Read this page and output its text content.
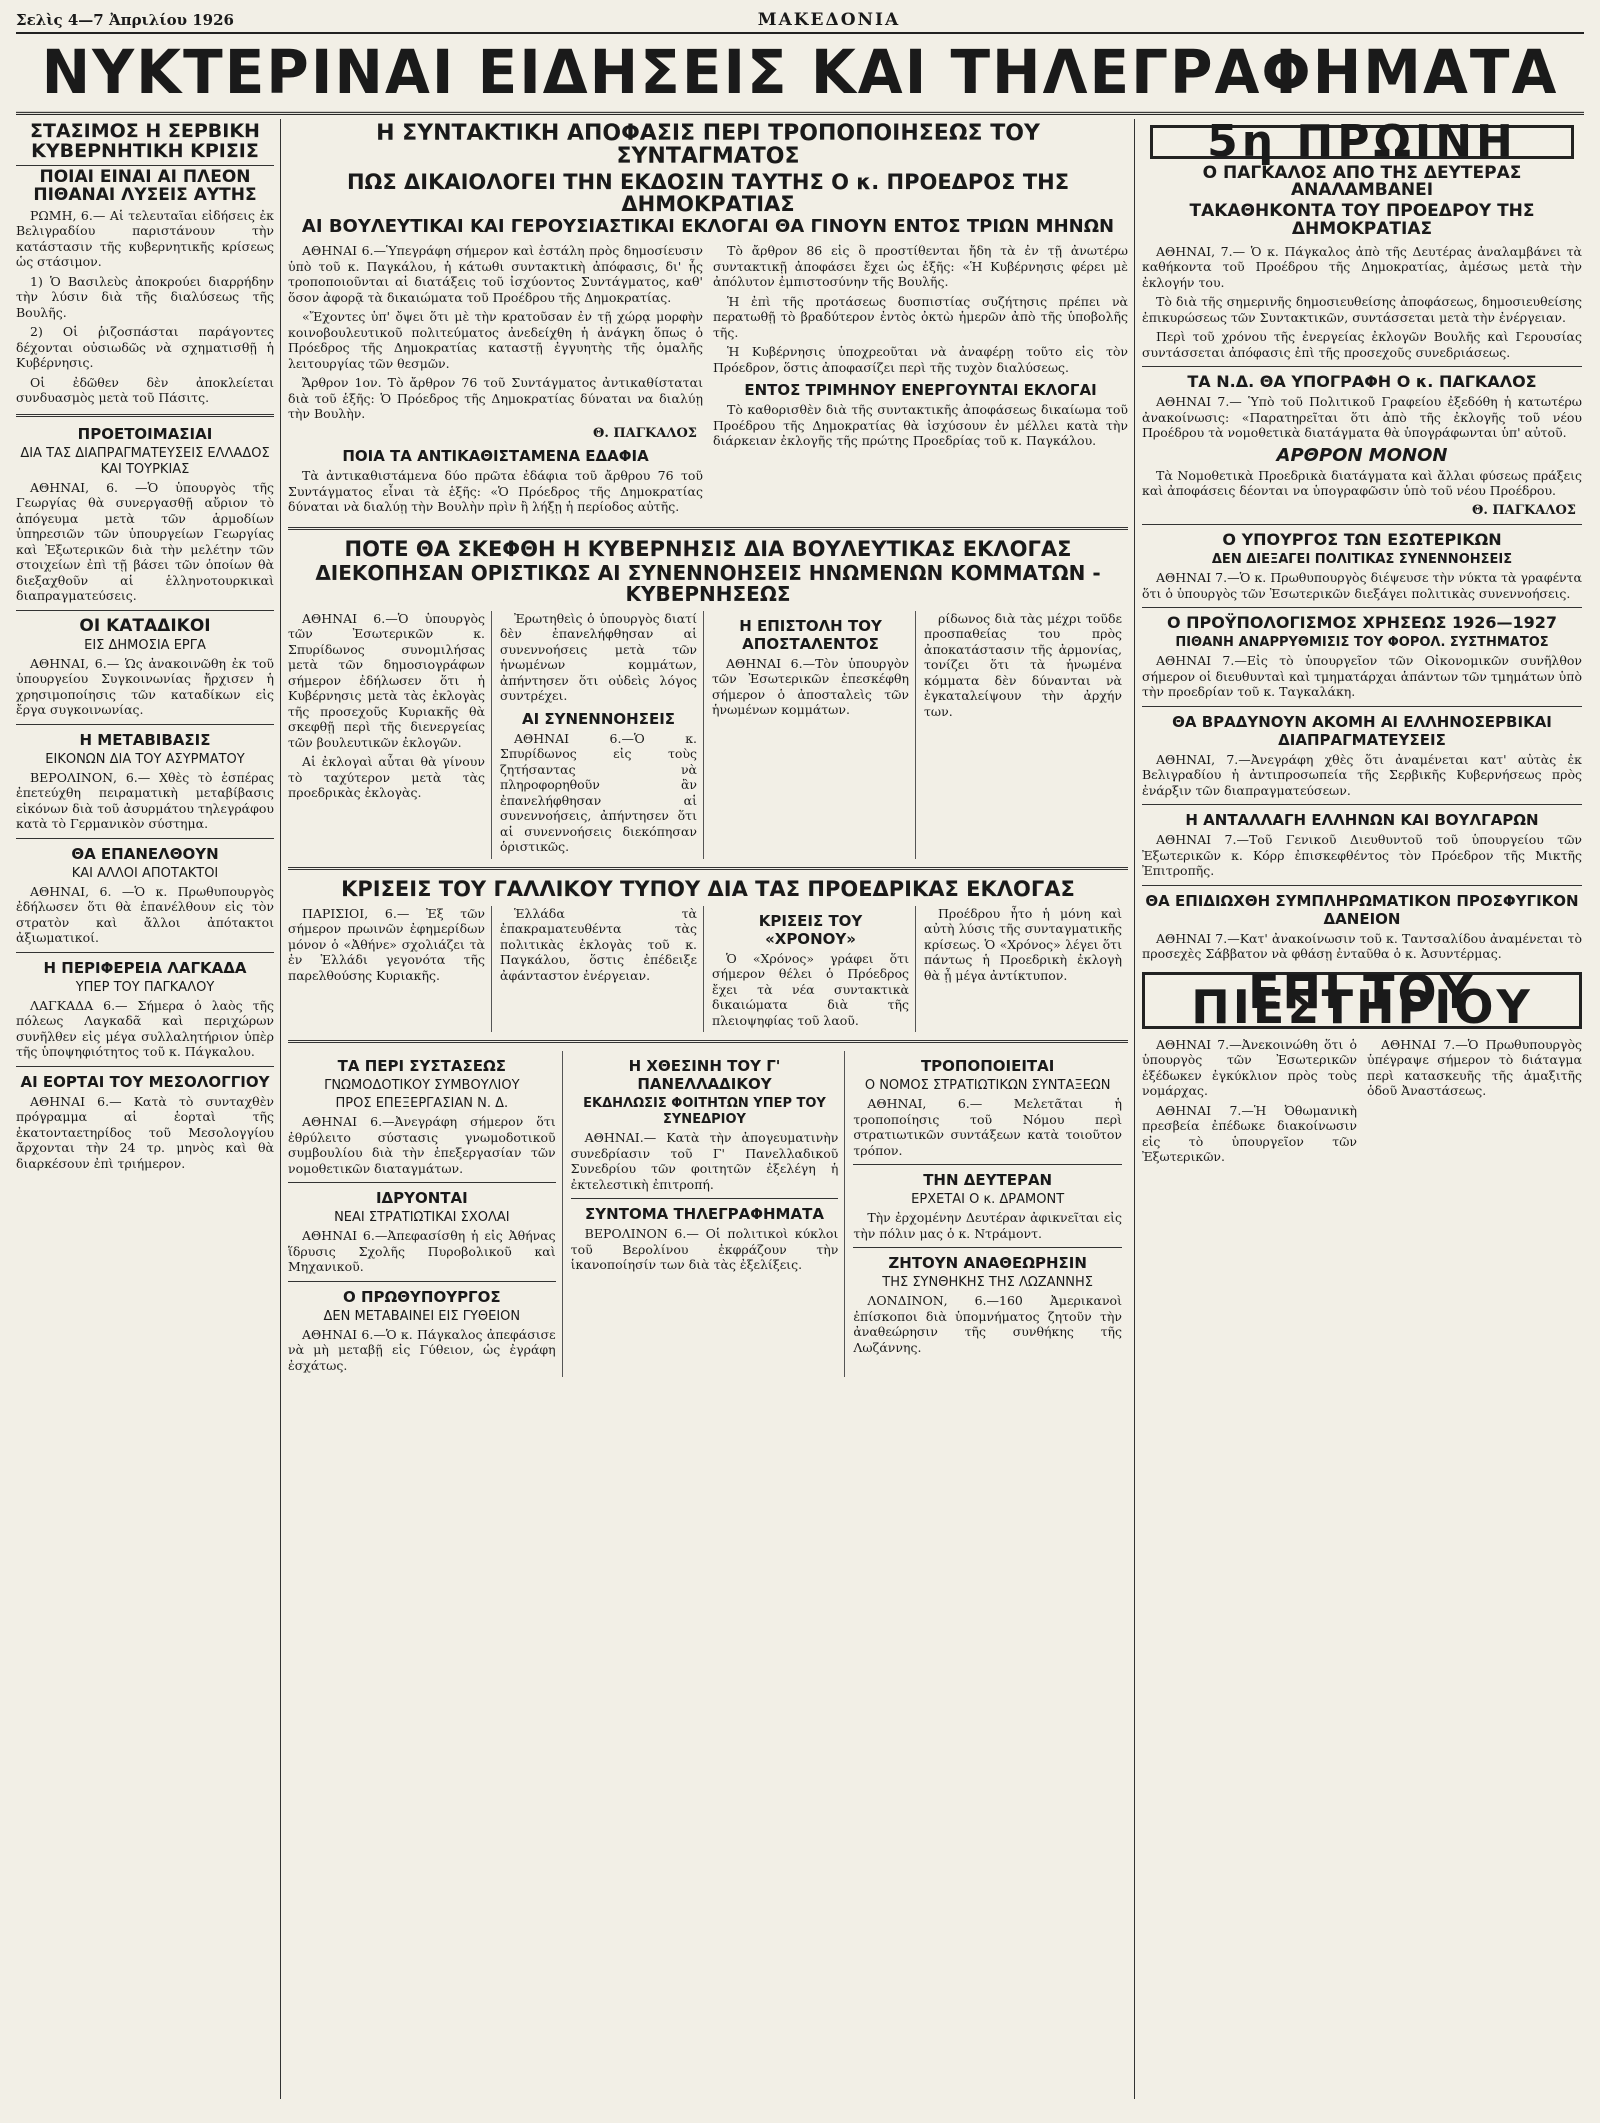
Σελὶς 4—7 Ἀπριλίου 1926	ΜΑΚΕΔΟΝΙΑ
ΝΥΚΤΕΡΙΝΑΙ ΕΙΔΗΣΕΙΣ ΚΑΙ ΤΗΛΕΓΡΑΦΗΜΑΤΑ
ΣΤΑΣΙΜΟΣ Η ΣΕΡΒΙΚΗ ΚΥΒΕΡΝΗΤΙΚΗ ΚΡΙΣΙΣ
ΠΟΙΑΙ ΕΙΝΑΙ ΑΙ ΠΛΕΟΝ ΠΙΘΑΝΑΙ ΛΥΣΕΙΣ ΑΥΤΗΣ

ΡΩΜΗ, 6.— Αἱ τελευταῖαι εἰδήσεις ἐκ Βελιγραδίου παριστάνουν τὴν κατάστασιν τῆς κυβερνητικῆς κρίσεως ὡς στάσιμον.

1) Ὁ Βασιλεὺς ἀποκρούει διαρρήδην τὴν λύσιν διὰ τῆς διαλύσεως τῆς Βουλῆς.

2) Οἱ ῥιζοσπάσται παράγοντες δέχονται οὐσιωδῶς νὰ σχηματισθῇ ἡ Κυβέρνησις.

Οἱ ἐδῶθεν δὲν ἀποκλείεται συνδυασμὸς μετὰ τοῦ Πάσιτς.

ΠΡΟΕΤΟΙΜΑΣΙΑΙ
ΔΙΑ ΤΑΣ ΔΙΑΠΡΑΓΜΑΤΕΥΣΕΙΣ ΕΛΛΑΔΟΣ ΚΑΙ ΤΟΥΡΚΙΑΣ

ΑΘΗΝΑΙ, 6. —Ὁ ὑπουργὸς τῆς Γεωργίας θὰ συνεργασθῇ αὔριον τὸ ἀπόγευμα μετὰ τῶν ἁρμοδίων ὑπηρεσιῶν τῶν ὑπουργείων Γεωργίας καὶ Ἐξωτερικῶν διὰ τὴν μελέτην τῶν στοιχείων ἐπὶ τῇ βάσει τῶν ὁποίων θὰ διεξαχθοῦν αἱ ἑλληνοτουρκικαὶ διαπραγματεύσεις.

ΟΙ ΚΑΤΑΔΙΚΟΙ
ΕΙΣ ΔΗΜΟΣΙΑ ΕΡΓΑ

ΑΘΗΝΑΙ, 6.— Ὡς ἀνακοινῶθη ἐκ τοῦ ὑπουργείου Συγκοινωνίας ἤρχισεν ἡ χρησιμοποίησις τῶν καταδίκων εἰς ἔργα συγκοινωνίας.

Η ΜΕΤΑΒΙΒΑΣΙΣ
ΕΙΚΟΝΩΝ ΔΙΑ ΤΟΥ ΑΣΥΡΜΑΤΟΥ

ΒΕΡΟΛΙΝΟΝ, 6.— Χθὲς τὸ ἑσπέρας ἐπετεύχθη πειραματικὴ μεταβίβασις εἰκόνων διὰ τοῦ ἀσυρμάτου τηλεγράφου κατὰ τὸ Γερμανικὸν σύστημα.

ΘΑ ΕΠΑΝΕΛΘΟΥΝ
ΚΑΙ ΑΛΛΟΙ ΑΠΟΤΑΚΤΟΙ

ΑΘΗΝΑΙ, 6. —Ὁ κ. Πρωθυπουργὸς ἐδήλωσεν ὅτι θὰ ἐπανέλθουν εἰς τὸν στρατὸν καὶ ἄλλοι ἀπότακτοι ἀξιωματικοί.

Η ΠΕΡΙΦΕΡΕΙΑ ΛΑΓΚΑΔΑ
ΥΠΕΡ ΤΟΥ ΠΑΓΚΑΛΟΥ

ΛΑΓΚΑΔΑ 6.— Σήμερα ὁ λαὸς τῆς πόλεως Λαγκαδᾶ καὶ περιχώρων συνῆλθεν εἰς μέγα συλλαλητήριον ὑπὲρ τῆς ὑποψηφιότητος τοῦ κ. Πάγκαλου.

ΑΙ ΕΟΡΤΑΙ ΤΟΥ ΜΕΣΟΛΟΓΓΙΟΥ

ΑΘΗΝΑΙ 6.— Κατὰ τὸ συνταχθὲν πρόγραμμα αἱ ἑορταὶ τῆς ἐκατονταετηρίδος τοῦ Μεσολογγίου ἄρχονται τὴν 24 τρ. μηνὸς καὶ θὰ διαρκέσουν ἐπὶ τριήμερον.

Η ΣΥΝΤΑΚΤΙΚΗ ΑΠΟΦΑΣΙΣ ΠΕΡΙ ΤΡΟΠΟΠΟΙΗΣΕΩΣ ΤΟΥ ΣΥΝΤΑΓΜΑΤΟΣ
ΠΩΣ ΔΙΚΑΙΟΛΟΓΕΙ ΤΗΝ ΕΚΔΟΣΙΝ ΤΑΥΤΗΣ Ο κ. ΠΡΟΕΔΡΟΣ ΤΗΣ ΔΗΜΟΚΡΑΤΙΑΣ
ΑΙ ΒΟΥΛΕΥΤΙΚΑΙ ΚΑΙ ΓΕΡΟΥΣΙΑΣΤΙΚΑΙ ΕΚΛΟΓΑΙ ΘΑ ΓΙΝΟΥΝ ΕΝΤΟΣ ΤΡΙΩΝ ΜΗΝΩΝ

ΑΘΗΝΑΙ 6.—Ὑπεγράφη σήμερον καὶ ἐστάλη πρὸς δημοσίευσιν ὑπὸ τοῦ κ. Παγκάλου, ἡ κάτωθι συντακτικὴ ἀπόφασις, δι' ἧς τροποποιοῦνται αἱ διατάξεις τοῦ ἰσχύοντος Συντάγματος, καθ' ὅσον ἀφορᾷ τὰ δικαιώματα τοῦ Προέδρου τῆς Δημοκρατίας.

«Ἔχοντες ὑπ' ὄψει ὅτι μὲ τὴν κρατοῦσαν ἐν τῇ χώρᾳ μορφὴν κοινοβουλευτικοῦ πολιτεύματος ἀνεδείχθη ἡ ἀνάγκη ὅπως ὁ Πρόεδρος τῆς Δημοκρατίας καταστῇ ἐγγυητὴς τῆς ὁμαλῆς λειτουργίας τῶν θεσμῶν.

Ἄρθρον 1ον. Τὸ ἄρθρον 76 τοῦ Συντάγματος ἀντικαθίσταται διὰ τοῦ ἑξῆς: Ὁ Πρόεδρος τῆς Δημοκρατίας δύναται να διαλύῃ τὴν Βουλὴν.

Θ. ΠΑΓΚΑΛΟΣ
ΠΟΙΑ ΤΑ ΑΝΤΙΚΑΘΙΣΤΑΜΕΝΑ ΕΔΑΦΙΑ

Τὰ ἀντικαθιστάμενα δύο πρῶτα ἐδάφια τοῦ ἄρθρου 76 τοῦ Συντάγματος εἶναι τὰ ἑξῆς: «Ὁ Πρόεδρος τῆς Δημοκρατίας δύναται νὰ διαλύῃ τὴν Βουλὴν πρὶν ἢ λήξῃ ἡ περίοδος αὐτῆς.

Τὸ ἄρθρον 86 εἰς ὃ προστίθενται ἤδη τὰ ἐν τῇ ἀνωτέρω συντακτικῇ ἀποφάσει ἔχει ὡς ἑξῆς: «Ἡ Κυβέρνησις φέρει μὲ ἀπόλυτον ἐμπιστοσύνην τῆς Βουλῆς.

Ἡ ἐπὶ τῆς προτάσεως δυσπιστίας συζήτησις πρέπει νὰ περατωθῇ τὸ βραδύτερον ἐντὸς ὀκτὼ ἡμερῶν ἀπὸ τῆς ὑποβολῆς τῆς.

Ἡ Κυβέρνησις ὑποχρεοῦται νὰ ἀναφέρῃ τοῦτο εἰς τὸν Πρόεδρον, ὅστις ἀποφασίζει περὶ τῆς τυχὸν διαλύσεως.

ΕΝΤΟΣ ΤΡΙΜΗΝΟΥ ΕΝΕΡΓΟΥΝΤΑΙ ΕΚΛΟΓΑΙ

Τὸ καθορισθὲν διὰ τῆς συντακτικῆς ἀποφάσεως δικαίωμα τοῦ Προέδρου τῆς Δημοκρατίας θὰ ἰσχύσουν ἐν μέλλει κατὰ τὴν διάρκειαν ἐκλογῆς τῆς πρώτης Προεδρίας τοῦ κ. Παγκάλου.

ΠΟΤΕ ΘΑ ΣΚΕΦΘΗ Η ΚΥΒΕΡΝΗΣΙΣ ΔΙΑ ΒΟΥΛΕΥΤΙΚΑΣ ΕΚΛΟΓΑΣ
ΔΙΕΚΟΠΗΣΑΝ ΟΡΙΣΤΙΚΩΣ ΑΙ ΣΥΝΕΝΝΟΗΣΕΙΣ ΗΝΩΜΕΝΩΝ ΚΟΜΜΑΤΩΝ - ΚΥΒΕΡΝΗΣΕΩΣ

ΑΘΗΝΑΙ 6.—Ὁ ὑπουργὸς τῶν Ἐσωτερικῶν κ. Σπυρίδωνος συνομιλήσας μετὰ τῶν δημοσιογράφων σήμερον ἐδήλωσεν ὅτι ἡ Κυβέρνησις μετὰ τὰς ἐκλογὰς τῆς προσεχοῦς Κυριακῆς θὰ σκεφθῇ περὶ τῆς διενεργείας τῶν βουλευτικῶν ἐκλογῶν.

Αἱ ἐκλογαὶ αὗται θὰ γίνουν τὸ ταχύτερον μετὰ τὰς προεδρικὰς ἐκλογὰς.

Ἐρωτηθεὶς ὁ ὑπουργὸς διατί δὲν ἐπανελήφθησαν αἱ συνεννοήσεις μετὰ τῶν ἡνωμένων κομμάτων, ἀπήντησεν ὅτι οὐδεὶς λόγος συντρέχει.

ΑΙ ΣΥΝΕΝΝΟΗΣΕΙΣ

ΑΘΗΝΑΙ 6.—Ὁ κ. Σπυρίδωνος εἰς τοὺς ζητήσαντας νὰ πληροφορηθοῦν ἂν ἐπανελήφθησαν αἱ συνεννοήσεις, ἀπήντησεν ὅτι αἱ συνεννοήσεις διεκόπησαν ὁριστικῶς.

Η ΕΠΙΣΤΟΛΗ ΤΟΥ ΑΠΟΣΤΑΛΕΝΤΟΣ

ΑΘΗΝΑΙ 6.—Τὸν ὑπουργὸν τῶν Ἐσωτερικῶν ἐπεσκέφθη σήμερον ὁ ἀποσταλεὶς τῶν ἡνωμένων κομμάτων.

ρίδωνος διὰ τὰς μέχρι τοῦδε προσπαθείας του πρὸς ἀποκατάστασιν τῆς ἀρμονίας, τονίζει ὅτι τὰ ἡνωμένα κόμματα δὲν δύνανται νὰ ἐγκαταλείψουν τὴν ἀρχήν των.

ΚΡΙΣΕΙΣ ΤΟΥ ΓΑΛΛΙΚΟΥ ΤΥΠΟΥ ΔΙΑ ΤΑΣ ΠΡΟΕΔΡΙΚΑΣ ΕΚΛΟΓΑΣ

ΠΑΡΙΣΙΟΙ, 6.— Ἐξ τῶν σήμερον πρωινῶν ἐφημερίδων μόνον ὁ «Ἀθήνε» σχολιάζει τὰ ἐν Ἑλλάδι γεγονότα τῆς παρελθούσης Κυριακῆς.

Ἑλλάδα τὰ ἐπακραματευθέντα τὰς πολιτικὰς ἐκλογὰς τοῦ κ. Παγκάλου, ὅστις ἐπέδειξε ἀφάνταστον ἐνέργειαν.

ΚΡΙΣΕΙΣ ΤΟΥ «ΧΡΟΝΟΥ»

Ὁ «Χρόνος» γράφει ὅτι σήμερον θέλει ὁ Πρόεδρος ἔχει τὰ νέα συντακτικὰ δικαιώματα διὰ τῆς πλειοψηφίας τοῦ λαοῦ.

Προέδρου ἦτο ἡ μόνη καὶ αὐτὴ λύσις τῆς συνταγματικῆς κρίσεως. Ὁ «Χρόνος» λέγει ὅτι πάντως ἡ Προεδρικὴ ἐκλογὴ θὰ ᾖ μέγα ἀντίκτυπον.

ΤΑ ΠΕΡΙ ΣΥΣΤΑΣΕΩΣ
ΓΝΩΜΟΔΟΤΙΚΟΥ ΣΥΜΒΟΥΛΙΟΥ
ΠΡΟΣ ΕΠΕΞΕΡΓΑΣΙΑΝ Ν. Δ.

ΑΘΗΝΑΙ 6.—Ἀνεγράφη σήμερον ὅτι ἐθρύλειτο σύστασις γνωμοδοτικοῦ συμβουλίου διὰ τὴν ἐπεξεργασίαν τῶν νομοθετικῶν διαταγμάτων.

ΙΔΡΥΟΝΤΑΙ
ΝΕΑΙ ΣΤΡΑΤΙΩΤΙΚΑΙ ΣΧΟΛΑΙ

ΑΘΗΝΑΙ 6.—Ἀπεφασίσθη ἡ εἰς Ἀθήνας ἵδρυσις Σχολῆς Πυροβολικοῦ καὶ Μηχανικοῦ.

Ο ΠΡΩΘΥΠΟΥΡΓΟΣ
ΔΕΝ ΜΕΤΑΒΑΙΝΕΙ ΕΙΣ ΓΥΘΕΙΟΝ

ΑΘΗΝΑΙ 6.—Ὁ κ. Πάγκαλος ἀπεφάσισε νὰ μὴ μεταβῇ εἰς Γύθειον, ὡς ἐγράφη ἐσχάτως.

Η ΧΘΕΣΙΝΗ ΤΟΥ Γ' ΠΑΝΕΛΛΑΔΙΚΟΥ
ΕΚΔΗΛΩΣΙΣ ΦΟΙΤΗΤΩΝ ΥΠΕΡ ΤΟΥ ΣΥΝΕΔΡΙΟΥ

ΑΘΗΝΑΙ.— Κατὰ τὴν ἀπογευματινὴν συνεδρίασιν τοῦ Γ' Πανελλαδικοῦ Συνεδρίου τῶν φοιτητῶν ἐξελέγη ἡ ἐκτελεστικὴ ἐπιτροπή.

ΣΥΝΤΟΜΑ ΤΗΛΕΓΡΑΦΗΜΑΤΑ

ΒΕΡΟΛΙΝΟΝ 6.— Οἱ πολιτικοὶ κύκλοι τοῦ Βερολίνου ἐκφράζουν τὴν ἱκανοποίησίν των διὰ τὰς ἐξελίξεις.

ΤΡΟΠΟΠΟΙΕΙΤΑΙ
Ο ΝΟΜΟΣ ΣΤΡΑΤΙΩΤΙΚΩΝ ΣΥΝΤΑΞΕΩΝ

ΑΘΗΝΑΙ, 6.— Μελετᾶται ἡ τροποποίησις τοῦ Νόμου περὶ στρατιωτικῶν συντάξεων κατὰ τοιοῦτον τρόπον.

ΤΗΝ ΔΕΥΤΕΡΑΝ
ΕΡΧΕΤΑΙ Ο κ. ΔΡΑΜΟΝΤ

Τὴν ἐρχομένην Δευτέραν ἀφικνεῖται εἰς τὴν πόλιν μας ὁ κ. Ντράμοντ.

ΖΗΤΟΥΝ ΑΝΑΘΕΩΡΗΣΙΝ
ΤΗΣ ΣΥΝΘΗΚΗΣ ΤΗΣ ΛΩΖΑΝΝΗΣ

ΛΟΝΔΙΝΟΝ, 6.—160 Ἀμερικανοὶ ἐπίσκοποι διὰ ὑπομνήματος ζητοῦν τὴν ἀναθεώρησιν τῆς συνθήκης τῆς Λωζάννης.

5η ΠΡΩΙΝΗ
Ο ΠΑΓΚΑΛΟΣ ΑΠΟ ΤΗΣ ΔΕΥΤΕΡΑΣ ΑΝΑΛΑΜΒΑΝΕΙ
ΤΑΚΑΘΗΚΟΝΤΑ ΤΟΥ ΠΡΟΕΔΡΟΥ ΤΗΣ ΔΗΜΟΚΡΑΤΙΑΣ

ΑΘΗΝΑΙ, 7.— Ὁ κ. Πάγκαλος ἀπὸ τῆς Δευτέρας ἀναλαμβάνει τὰ καθήκοντα τοῦ Προέδρου τῆς Δημοκρατίας, ἀμέσως μετὰ τὴν ἐκλογήν του.

Τὸ διὰ τῆς σημερινῆς δημοσιευθείσης ἀποφάσεως, δημοσιευθείσης ἐπικυρώσεως τῶν Συντακτικῶν, συντάσσεται μετὰ τὴν ἐνέργειαν.

Περὶ τοῦ χρόνου τῆς ἐνεργείας ἐκλογῶν Βουλῆς καὶ Γερουσίας συντάσσεται ἀπόφασις ἐπὶ τῆς προσεχοῦς συνεδριάσεως.

ΤΑ Ν.Δ. ΘΑ ΥΠΟΓΡΑΦΗ Ο κ. ΠΑΓΚΑΛΟΣ

ΑΘΗΝΑΙ 7.— Ὑπὸ τοῦ Πολιτικοῦ Γραφείου ἐξεδόθη ἡ κατωτέρω ἀνακοίνωσις: «Παρατηρεῖται ὅτι ἀπὸ τῆς ἐκλογῆς τοῦ νέου Προέδρου τὰ νομοθετικὰ διατάγματα θὰ ὑπογράφωνται ὑπ' αὐτοῦ.

ΑΡΘΡΟΝ ΜΟΝΟΝ

Τὰ Νομοθετικὰ Προεδρικὰ διατάγματα καὶ ἄλλαι φύσεως πράξεις καὶ ἀποφάσεις δέονται να ὑπογραφῶσιν ὑπὸ τοῦ νέου Προέδρου.

Θ. ΠΑΓΚΑΛΟΣ
Ο ΥΠΟΥΡΓΟΣ ΤΩΝ ΕΣΩΤΕΡΙΚΩΝ
ΔΕΝ ΔΙΕΞΑΓΕΙ ΠΟΛΙΤΙΚΑΣ ΣΥΝΕΝΝΟΗΣΕΙΣ

ΑΘΗΝΑΙ 7.—Ὁ κ. Πρωθυπουργὸς διέψευσε τὴν νύκτα τὰ γραφέντα ὅτι ὁ ὑπουργὸς τῶν Ἐσωτερικῶν διεξάγει πολιτικὰς συνεννοήσεις.

Ο ΠΡΟΫΠΟΛΟΓΙΣΜΟΣ ΧΡΗΣΕΩΣ 1926—1927
ΠΙΘΑΝΗ ΑΝΑΡΡΥΘΜΙΣΙΣ ΤΟΥ ΦΟΡΟΛ. ΣΥΣΤΗΜΑΤΟΣ

ΑΘΗΝΑΙ 7.—Εἰς τὸ ὑπουργεῖον τῶν Οἰκονομικῶν συνῆλθον σήμερον οἱ διευθυνταὶ καὶ τμηματάρχαι ἁπάντων τῶν τμημάτων ὑπὸ τὴν προεδρίαν τοῦ κ. Ταγκαλάκη.

ΘΑ ΒΡΑΔΥΝΟΥΝ ΑΚΟΜΗ ΑΙ ΕΛΛΗΝΟΣΕΡΒΙΚΑΙ ΔΙΑΠΡΑΓΜΑΤΕΥΣΕΙΣ

ΑΘΗΝΑΙ, 7.—Ἀνεγράφη χθὲς ὅτι ἀναμένεται κατ' αὐτὰς ἐκ Βελιγραδίου ἡ ἀντιπροσωπεία τῆς Σερβικῆς Κυβερνήσεως πρὸς ἐνάρξιν τῶν διαπραγματεύσεων.

Η ΑΝΤΑΛΛΑΓΗ ΕΛΛΗΝΩΝ ΚΑΙ ΒΟΥΛΓΑΡΩΝ

ΑΘΗΝΑΙ 7.—Τοῦ Γενικοῦ Διευθυντοῦ τοῦ ὑπουργείου τῶν Ἐξωτερικῶν κ. Κόρρ ἐπισκεφθέντος τὸν Πρόεδρον τῆς Μικτῆς Ἐπιτροπῆς.

ΘΑ ΕΠΙΔΙΩΧΘΗ ΣΥΜΠΛΗΡΩΜΑΤΙΚΟΝ ΠΡΟΣΦΥΓΙΚΟΝ ΔΑΝΕΙΟΝ

ΑΘΗΝΑΙ 7.—Κατ' ἀνακοίνωσιν τοῦ κ. Ταντσαλίδου ἀναμένεται τὸ προσεχὲς Σάββατον νὰ φθάσῃ ἐνταῦθα ὁ κ. Ἀσυντέρμας.

ΕΠΙ ΤΟΥ ΠΙΕΣΤΗΡΙΟΥ

ΑΘΗΝΑΙ 7.—Ἀνεκοινώθη ὅτι ὁ ὑπουργὸς τῶν Ἐσωτερικῶν ἐξέδωκεν ἐγκύκλιον πρὸς τοὺς νομάρχας.

ΑΘΗΝΑΙ 7.—Ἡ Ὀθωμανικὴ πρεσβεία ἐπέδωκε διακοίνωσιν εἰς τὸ ὑπουργεῖον τῶν Ἐξωτερικῶν.

ΑΘΗΝΑΙ 7.—Ὁ Πρωθυπουργὸς ὑπέγραψε σήμερον τὸ διάταγμα περὶ κατασκευῆς τῆς ἁμαξιτῆς ὁδοῦ Ἀναστάσεως.
